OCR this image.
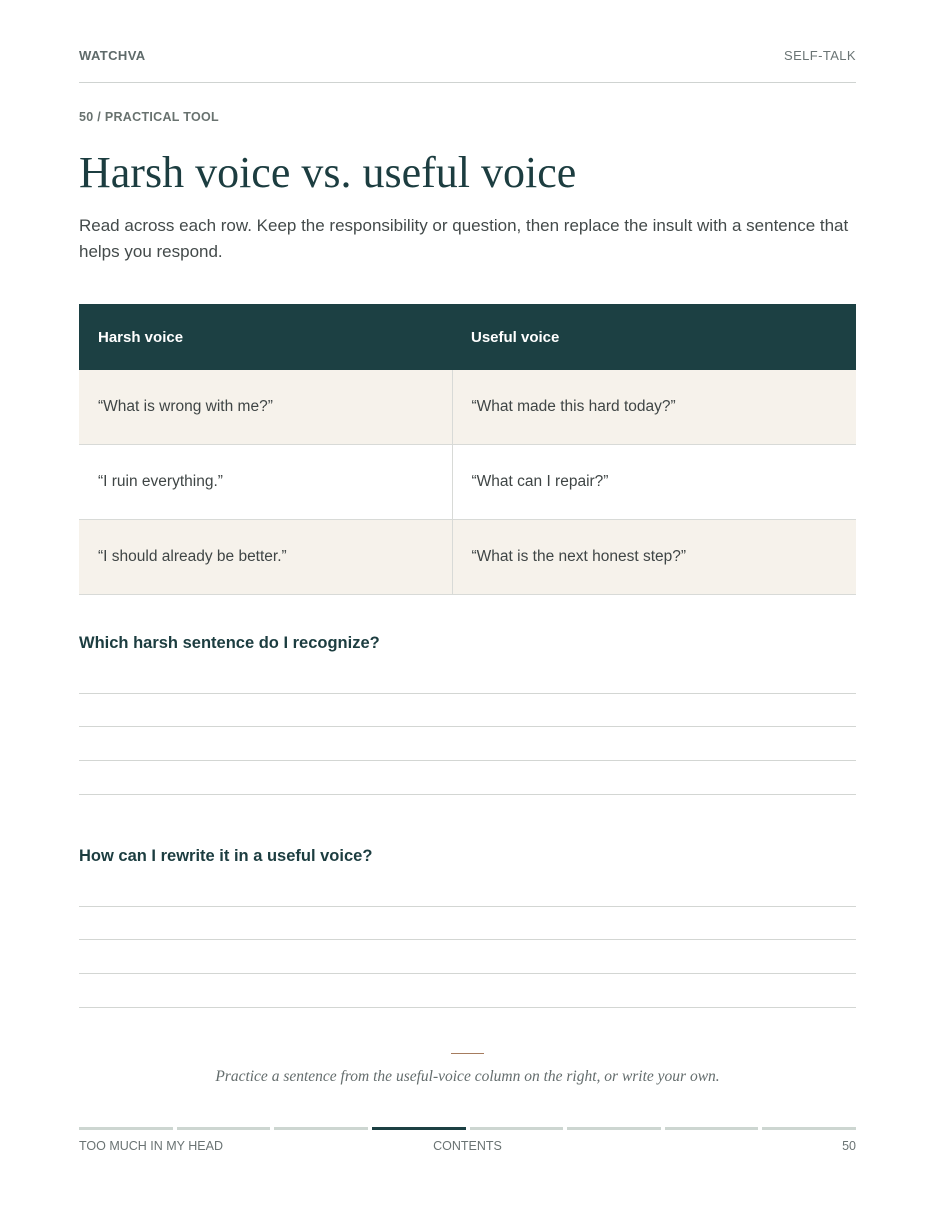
WATCHVA	SELF-TALK
50 / PRACTICAL TOOL
Harsh voice vs. useful voice

Read across each row. Keep the responsibility or question, then replace the insult with a sentence that helps you respond.

Harsh voice	Useful voice
“What is wrong with me?”	“What made this hard today?”
“I ruin everything.”	“What can I repair?”
“I should already be better.”	“What is the next honest step?”
Which harsh sentence do I recognize?
How can I rewrite it in a useful voice?

Practice a sentence from the useful-voice column on the right, or write your own.

TOO MUCH IN MY HEAD	CONTENTS	50
